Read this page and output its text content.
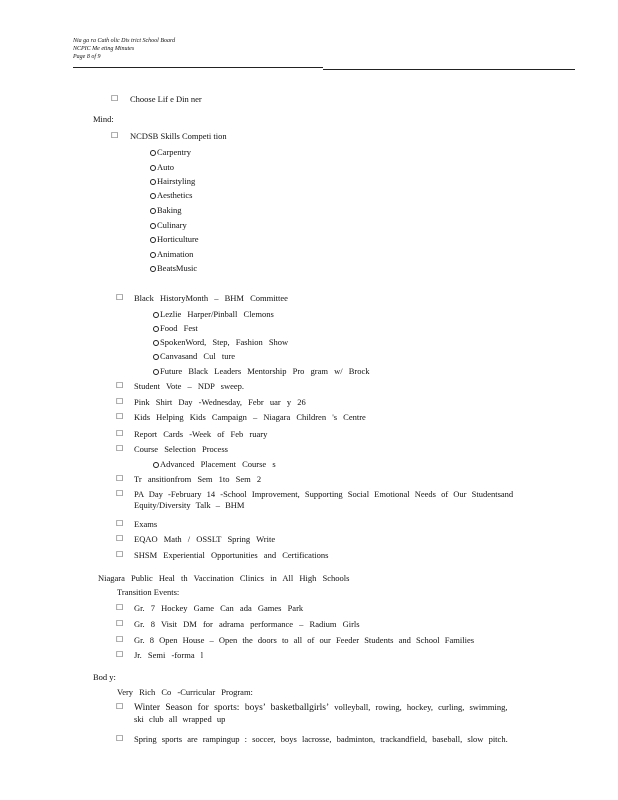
Nia ga ra Cath olic Dis trict School Board
NCPIC Me eting Minutes
Page 8 of 9
☐ Choose Lif e Din ner
Mind:
☐ NCDSB Skills Competi tion
Carpentry
Auto
Hairstyling
Aesthetics
Baking
Culinary
Horticulture
Animation
BeatsMusic
☐ Black HistoryMonth – BHM Committee
Lezlie Harper/Pinball Clemons
Food Fest
SpokenWord, Step, Fashion Show
Canvasand Cul ture
Future Black Leaders Mentorship Pro gram w/ Brock
☐ Student Vote – NDP sweep.
☐ Pink Shirt Day -Wednesday, Febr uar y 26
☐ Kids Helping Kids Campaign – Niagara Children 's Centre
☐ Report Cards -Week of Feb ruary
☐ Course Selection Process
Advanced Placement Course s
☐ Tr ansitionfrom Sem 1to Sem 2
☐ PA Day -February 14 -School Improvement, Supporting Social Emotional Needs of Our Studentsand Equity/Diversity Talk – BHM
☐ Exams
☐ EQAO Math / OSSLT Spring Write
☐ SHSM Experiential Opportunities and Certifications
Niagara Public Heal th Vaccination Clinics in All High Schools
Transition Events:
☐ Gr. 7 Hockey Game Can ada Games Park
☐ Gr. 8 Visit DM for adrama performance – Radium Girls
☐ Gr. 8 Open House – Open the doors to all of our Feeder Students and School Families
☐ Jr. Semi -forma l
Bod y:
Very Rich Co -Curricular Program:
☐ Winter Season for sports: boys’ basketballgirls’ volleyball, rowing, hockey, curling, swimming, ski club all wrapped up
☐ Spring sports are rampingup : soccer, boys lacrosse, badminton, trackandfield, baseball, slow pitch.
